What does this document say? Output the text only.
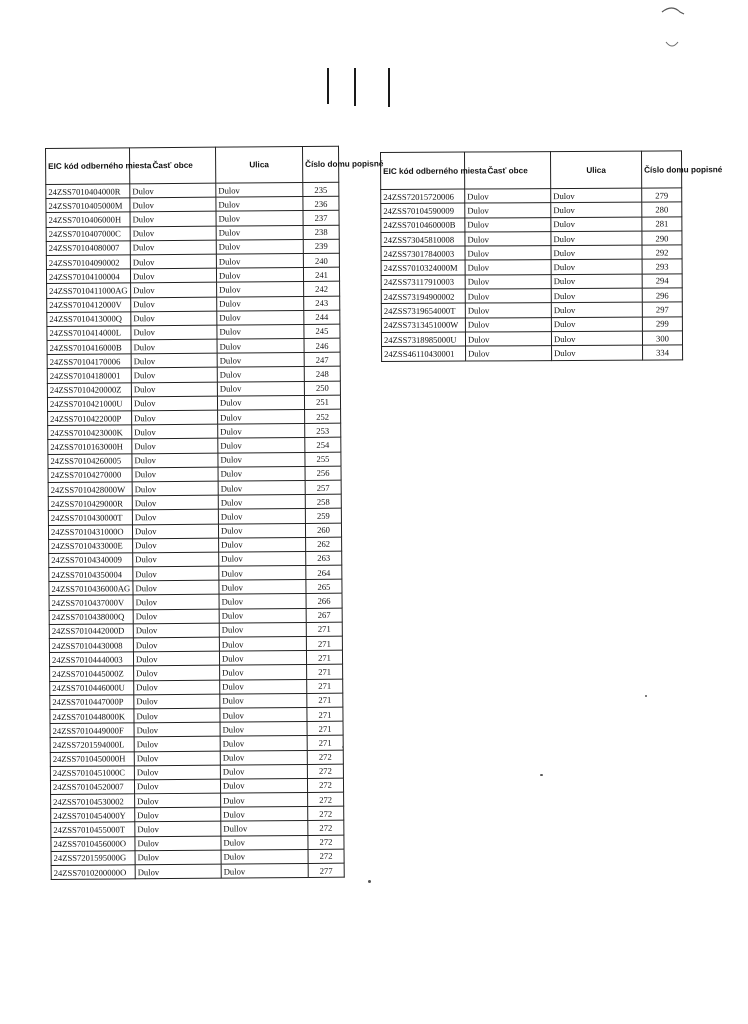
EIC kód odberného miesta	Časť obce	Ulica	Číslo domu popisné
24ZSS7010404000R	Dulov	Dulov	235
24ZSS7010405000M	Dulov	Dulov	236
24ZSS7010406000H	Dulov	Dulov	237
24ZSS7010407000C	Dulov	Dulov	238
24ZSS70104080007	Dulov	Dulov	239
24ZSS70104090002	Dulov	Dulov	240
24ZSS70104100004	Dulov	Dulov	241
24ZSS7010411000AG	Dulov	Dulov	242
24ZSS7010412000V	Dulov	Dulov	243
24ZSS7010413000Q	Dulov	Dulov	244
24ZSS7010414000L	Dulov	Dulov	245
24ZSS7010416000B	Dulov	Dulov	246
24ZSS70104170006	Dulov	Dulov	247
24ZSS70104180001	Dulov	Dulov	248
24ZSS7010420000Z	Dulov	Dulov	250
24ZSS7010421000U	Dulov	Dulov	251
24ZSS7010422000P	Dulov	Dulov	252
24ZSS7010423000K	Dulov	Dulov	253
24ZSS7010163000H	Dulov	Dulov	254
24ZSS70104260005	Dulov	Dulov	255
24ZSS70104270000	Dulov	Dulov	256
24ZSS7010428000W	Dulov	Dulov	257
24ZSS7010429000R	Dulov	Dulov	258
24ZSS7010430000T	Dulov	Dulov	259
24ZSS7010431000O	Dulov	Dulov	260
24ZSS7010433000E	Dulov	Dulov	262
24ZSS70104340009	Dulov	Dulov	263
24ZSS70104350004	Dulov	Dulov	264
24ZSS7010436000AG	Dulov	Dulov	265
24ZSS7010437000V	Dulov	Dulov	266
24ZSS7010438000Q	Dulov	Dulov	267
24ZSS7010442000D	Dulov	Dulov	271
24ZSS70104430008	Dulov	Dulov	271
24ZSS70104440003	Dulov	Dulov	271
24ZSS7010445000Z	Dulov	Dulov	271
24ZSS7010446000U	Dulov	Dulov	271
24ZSS7010447000P	Dulov	Dulov	271
24ZSS7010448000K	Dulov	Dulov	271
24ZSS7010449000F	Dulov	Dulov	271
24ZSS7201594000L	Dulov	Dulov	271
24ZSS7010450000H	Dulov	Dulov	272
24ZSS7010451000C	Dulov	Dulov	272
24ZSS70104520007	Dulov	Dulov	272
24ZSS70104530002	Dulov	Dulov	272
24ZSS7010454000Y	Dulov	Dulov	272
24ZSS7010455000T	Dulov	Dullov	272
24ZSS7010456000O	Dulov	Dulov	272
24ZSS7201595000G	Dulov	Dulov	272
24ZSS7010200000O	Dulov	Dulov	277
EIC kód odberného miesta	Časť obce	Ulica	Číslo domu popisné
24ZSS72015720006	Dulov	Dulov	279
24ZSS70104590009	Dulov	Dulov	280
24ZSS7010460000B	Dulov	Dulov	281
24ZSS73045810008	Dulov	Dulov	290
24ZSS73017840003	Dulov	Dulov	292
24ZSS7010324000M	Dulov	Dulov	293
24ZSS73117910003	Dulov	Dulov	294
24ZSS73194900002	Dulov	Dulov	296
24ZSS7319654000T	Dulov	Dulov	297
24ZSS7313451000W	Dulov	Dulov	299
24ZSS7318985000U	Dulov	Dulov	300
24ZSS46110430001	Dulov	Dulov	334
